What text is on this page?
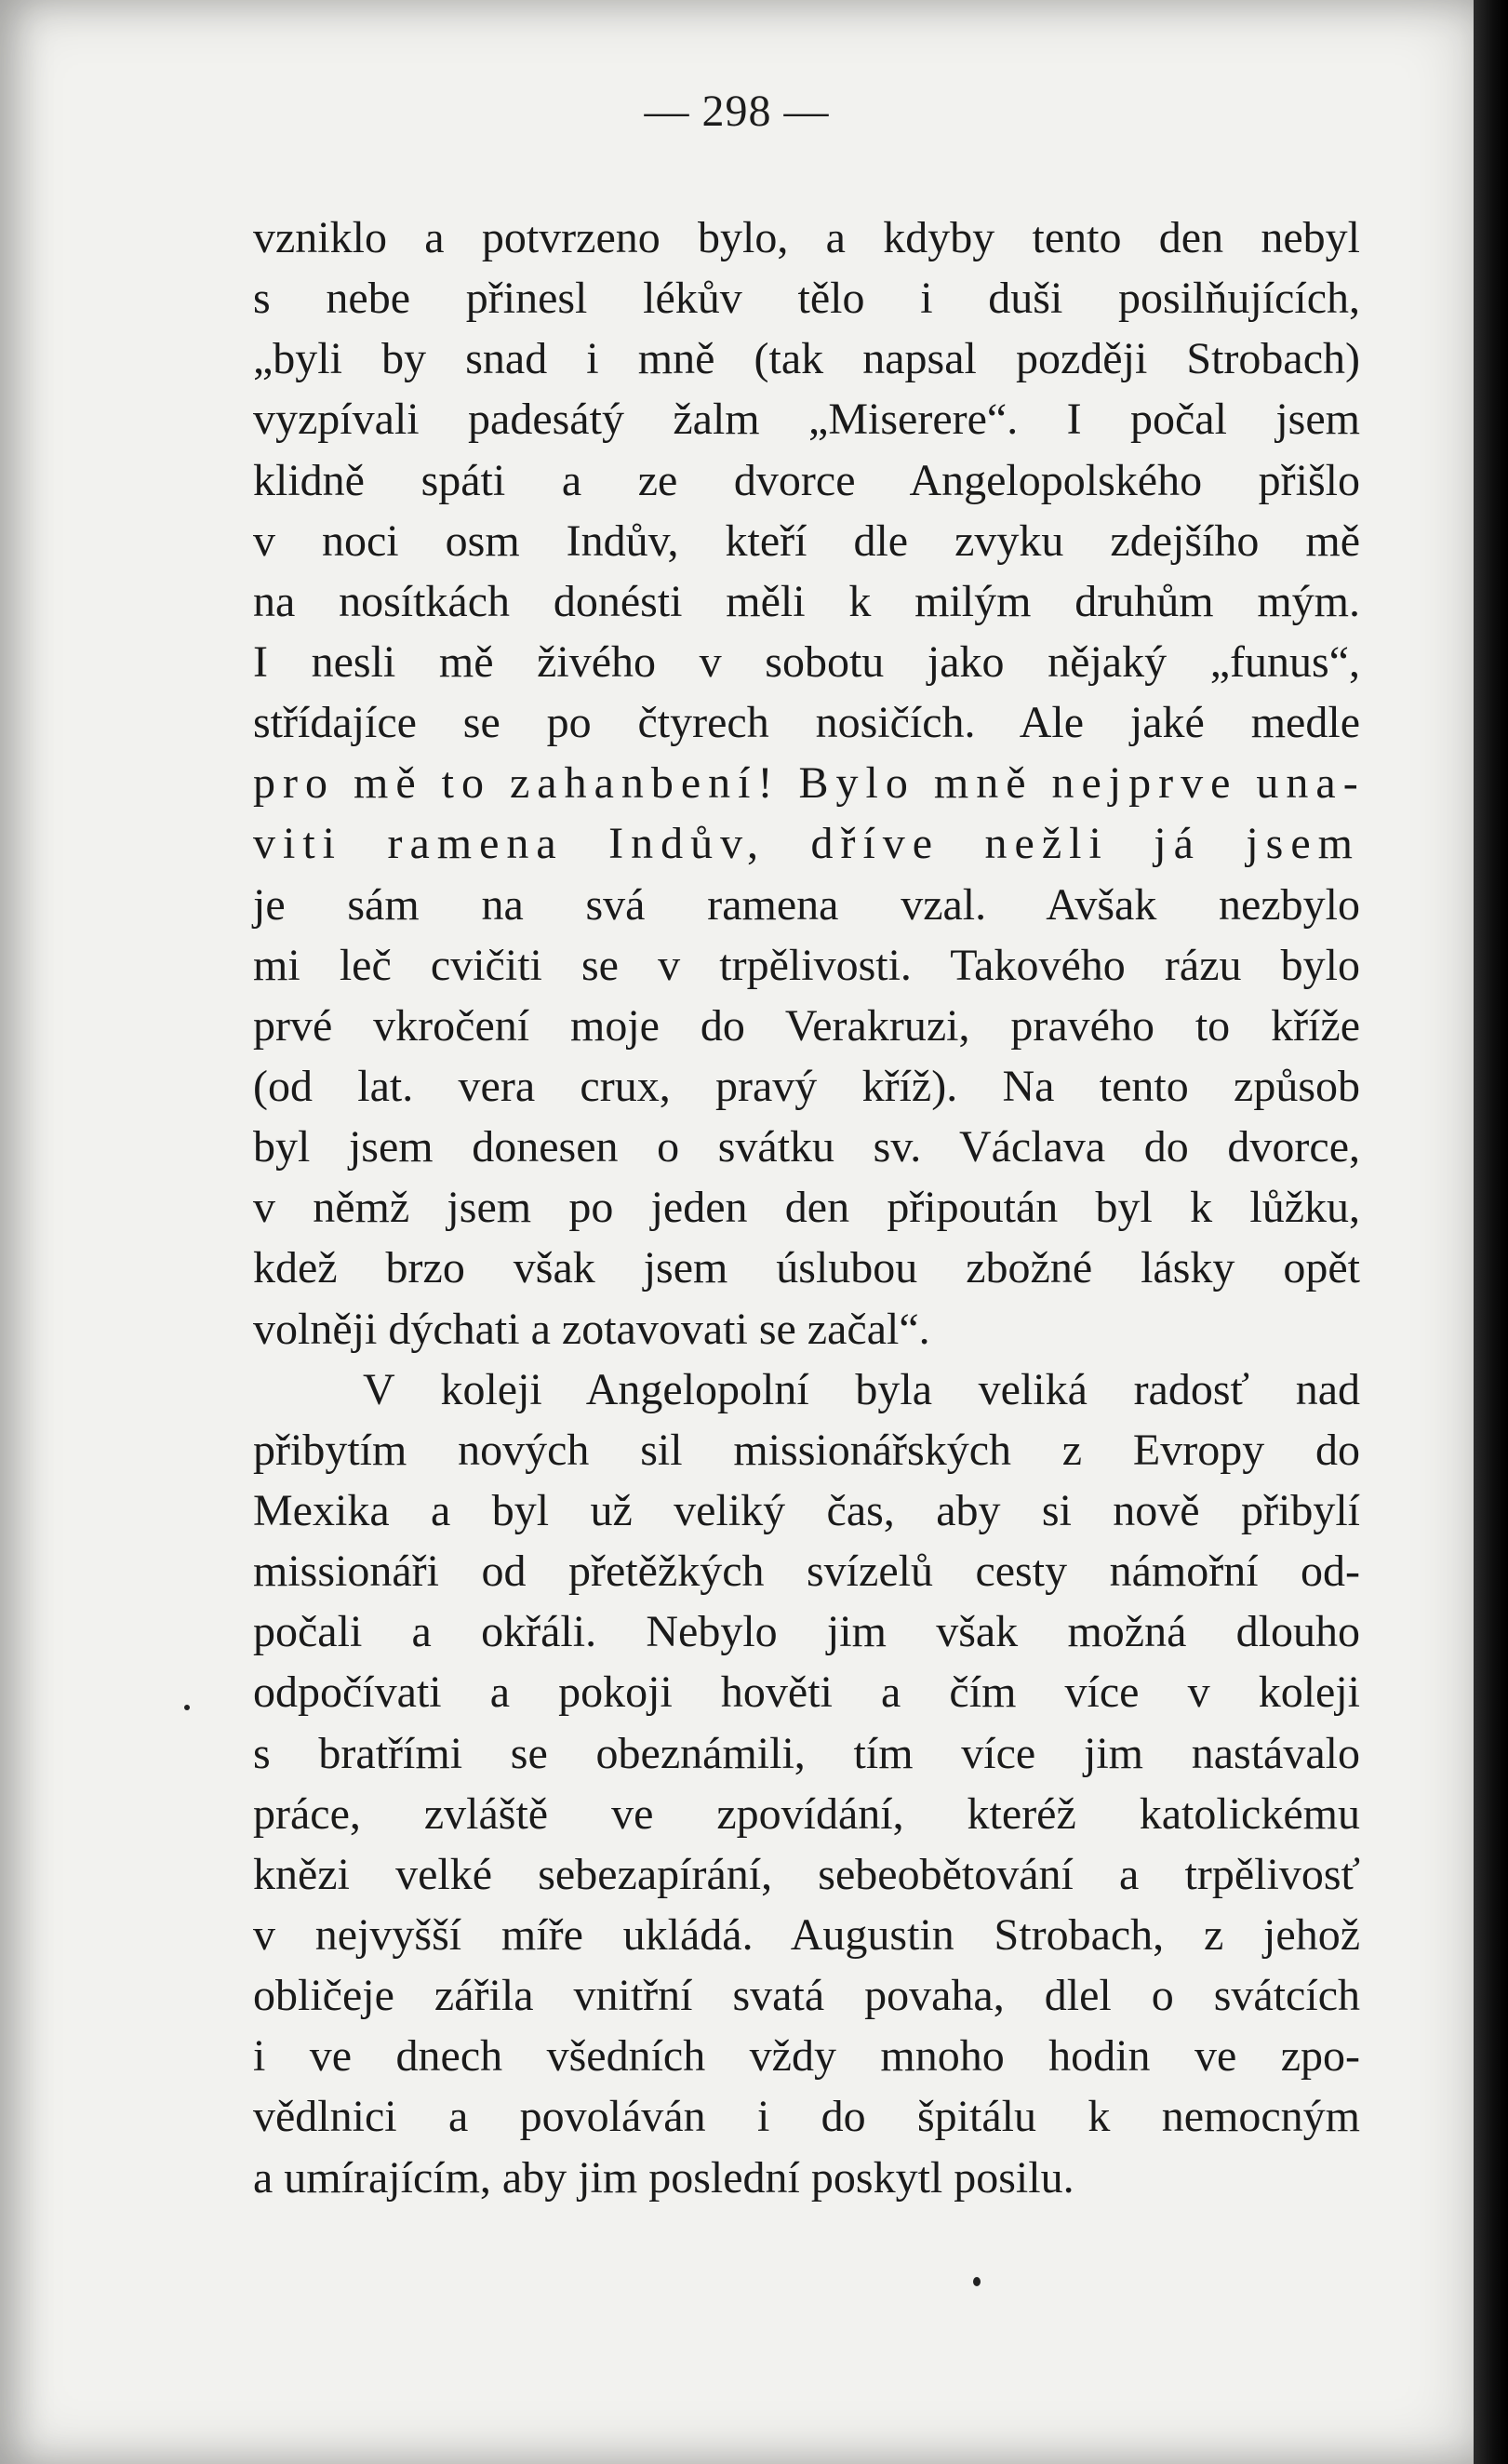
— 298 —
vzniklo a potvrzeno bylo, a kdyby tento den nebyl
s nebe přinesl lékův tělo i duši posilňujících,
„byli by snad i mně (tak napsal později Strobach)
vyzpívali padesátý žalm „Miserere“. I počal jsem
klidně spáti a ze dvorce Angelopolského přišlo
v noci osm Indův, kteří dle zvyku zdejšího mě
na nosítkách donésti měli k milým druhům mým.
I nesli mě živého v sobotu jako nějaký „funus“,
střídajíce se po čtyrech nosičích. Ale jaké medle
pro mě to zahanbení! Bylo mně nejprve una-
viti ramena Indův, dříve nežli já jsem
je sám na svá ramena vzal. Avšak nezbylo
mi leč cvičiti se v trpělivosti. Takového rázu bylo
prvé vkročení moje do Verakruzi, pravého to kříže
(od lat. vera crux, pravý kříž). Na tento způsob
byl jsem donesen o svátku sv. Václava do dvorce,
v němž jsem po jeden den připoután byl k lůžku,
kdež brzo však jsem úslubou zbožné lásky opět
volněji dýchati a zotavovati se začal“.
V koleji Angelopolní byla veliká radosť nad
přibytím nových sil missionářských z Evropy do
Mexika a byl už veliký čas, aby si nově přibylí
missionáři od přetěžkých svízelů cesty námořní od-
počali a okřáli. Nebylo jim však možná dlouho
odpočívati a pokoji hověti a čím více v koleji
s bratřími se obeznámili, tím více jim nastávalo
práce, zvláště ve zpovídání, kteréž katolickému
knězi velké sebezapírání, sebeobětování a trpělivosť
v nejvyšší míře ukládá. Augustin Strobach, z jehož
obličeje zářila vnitřní svatá povaha, dlel o svátcích
i ve dnech všedních vždy mnoho hodin ve zpo-
vědlnici a povoláván i do špitálu k nemocným
a umírajícím, aby jim poslední poskytl posilu.
